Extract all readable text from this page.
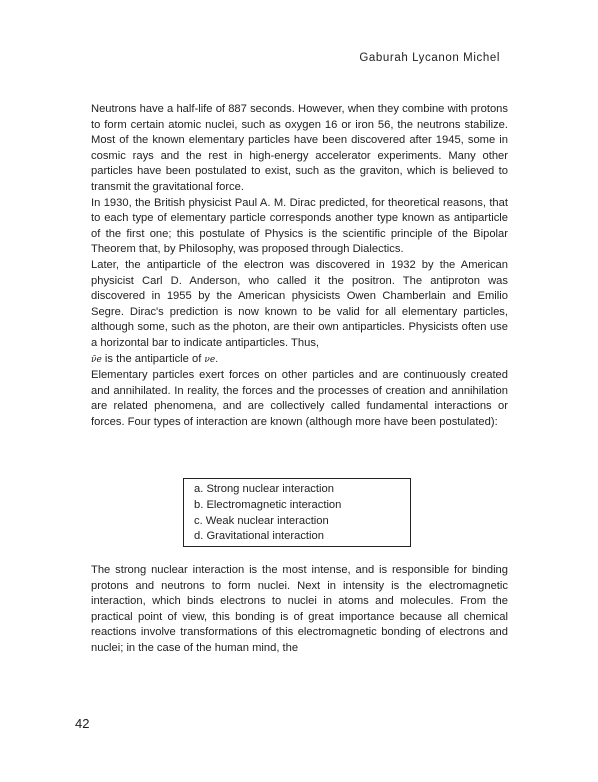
Gaburah Lycanon Michel

Neutrons have a half-life of 887 seconds. However, when they combine with protons to form certain atomic nuclei, such as oxygen 16 or iron 56, the neutrons stabilize. Most of the known elementary particles have been discovered after 1945, some in cosmic rays and the rest in high-energy accelerator experiments. Many other particles have been postulated to exist, such as the graviton, which is believed to transmit the gravitational force.

In 1930, the British physicist Paul A. M. Dirac predicted, for theoretical reasons, that to each type of elementary particle corresponds another type known as antiparticle of the first one; this postulate of Physics is the scientific principle of the Bipolar Theorem that, by Philosophy, was proposed through Dialectics.

Later, the antiparticle of the electron was discovered in 1932 by the American physicist Carl D. Anderson, who called it the positron. The antiproton was discovered in 1955 by the American physicists Owen Chamberlain and Emilio Segre. Dirac's prediction is now known to be valid for all elementary particles, although some, such as the photon, are their own antiparticles. Physicists often use a horizontal bar to indicate antiparticles. Thus,

ν̄e is the antiparticle of νe.

Elementary particles exert forces on other particles and are continuously created and annihilated. In reality, the forces and the processes of creation and annihilation are related phenomena, and are collectively called fundamental interactions or forces. Four types of interaction are known (although more have been postulated):

a. Strong nuclear interaction
b. Electromagnetic interaction
c. Weak nuclear interaction
d. Gravitational interaction

The strong nuclear interaction is the most intense, and is responsible for binding protons and neutrons to form nuclei. Next in intensity is the electromagnetic interaction, which binds electrons to nuclei in atoms and molecules. From the practical point of view, this bonding is of great importance because all chemical reactions involve transformations of this electromagnetic bonding of electrons and nuclei; in the case of the human mind, the

42
